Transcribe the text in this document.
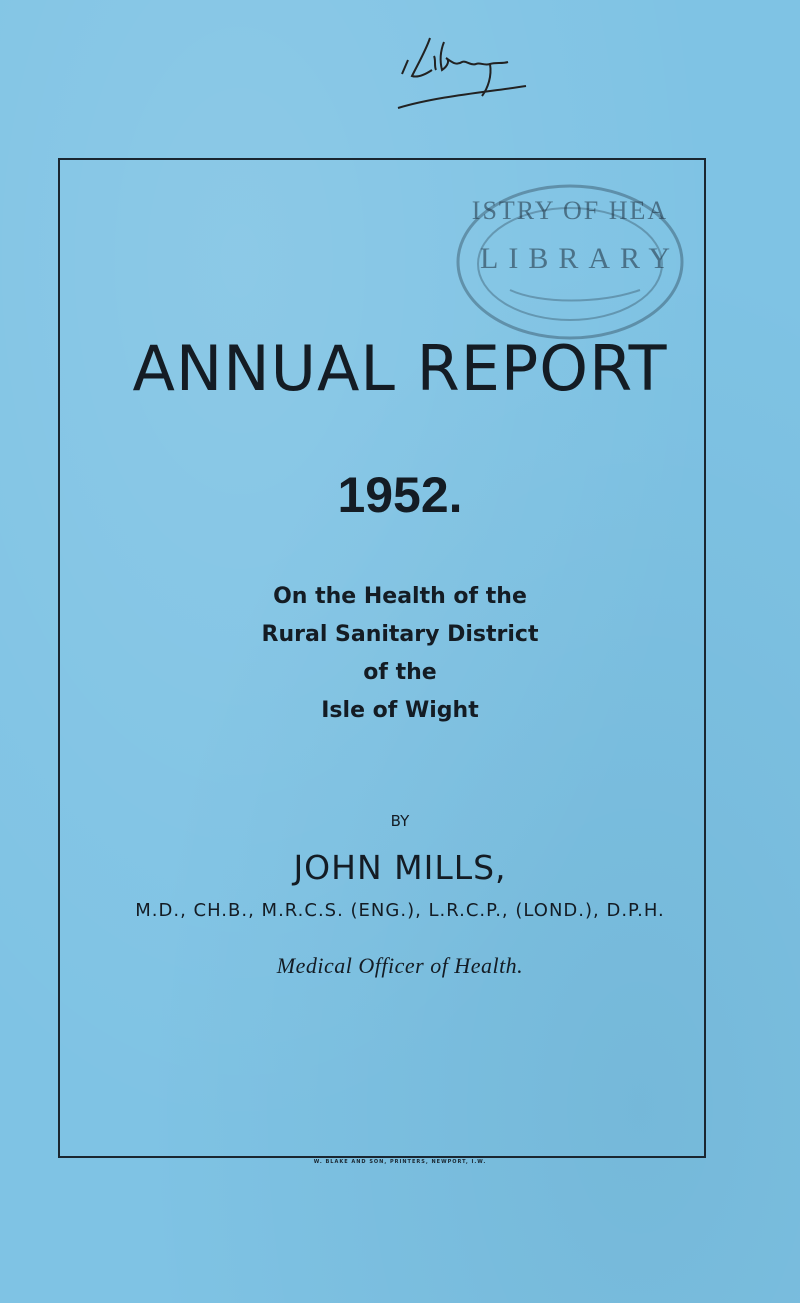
ISTRY OF HEA
LIBRARY
ANNUAL REPORT
1952.
On the Health of the
Rural Sanitary District
of the
Isle of Wight
BY
JOHN MILLS,
M.D., CH.B., M.R.C.S. (ENG.), L.R.C.P., (LOND.), D.P.H.
Medical Officer of Health.
W. BLAKE AND SON, PRINTERS, NEWPORT, I.W.
